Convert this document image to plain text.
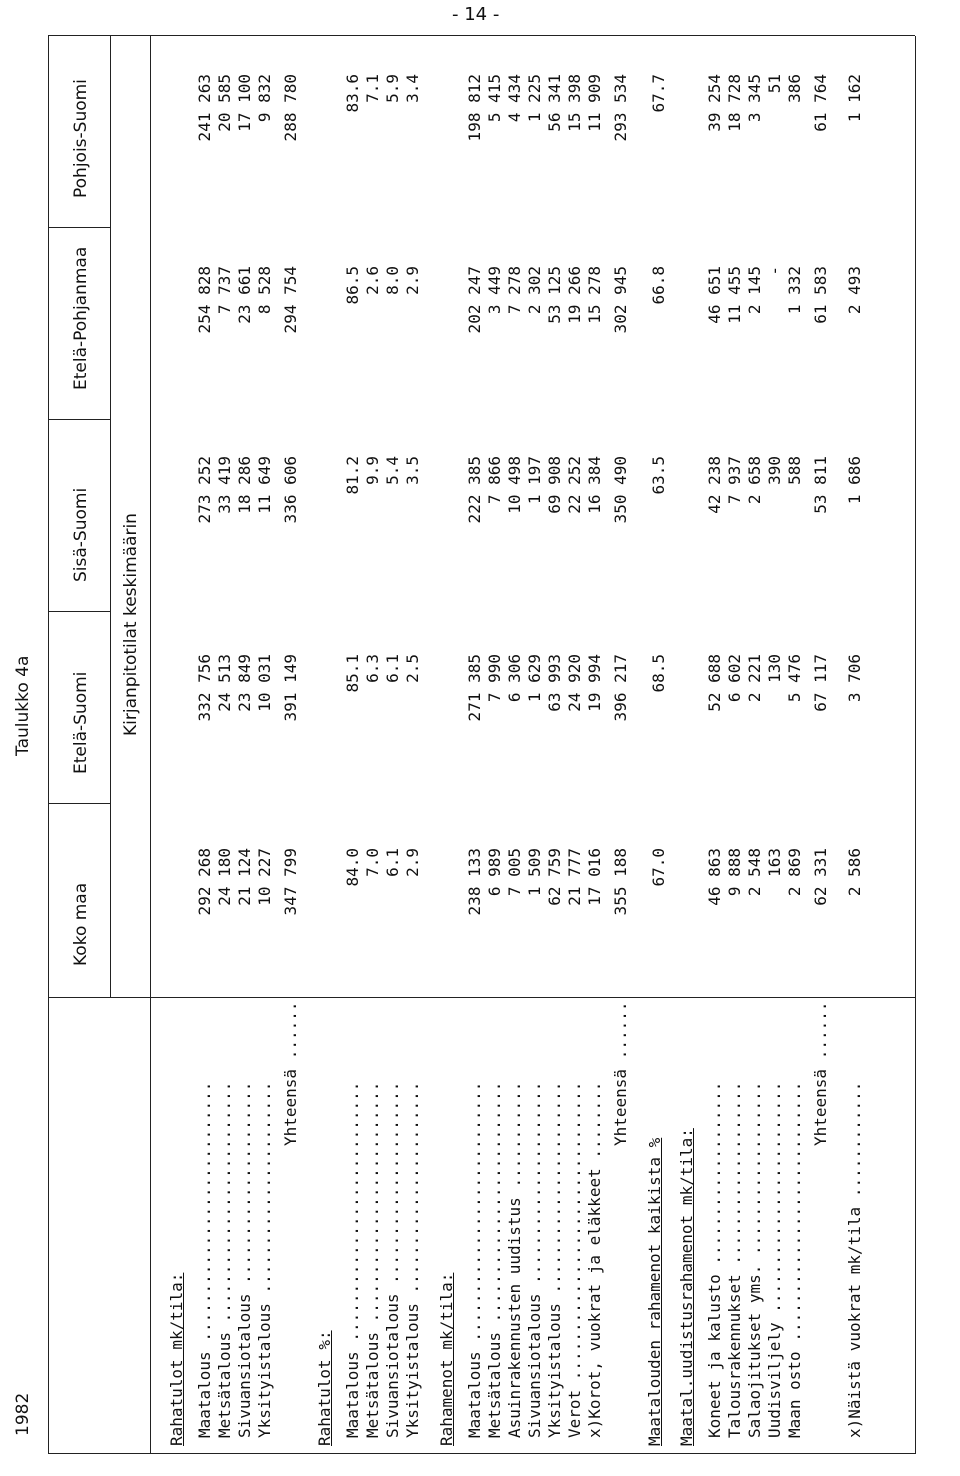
- 14 -
1982
Taulukko 4a
Koko maa
Etelä-Suomi
Sisä-Suomi
Etelä-Pohjanmaa
Pohjois-Suomi
Kirjanpitotilat keskimäärin
Rahatulot mk/tila: Maatalous ...........................
292 268
332 756
273 252
254 828
241 263
Metsätalous .........................
24 180
24 513
33 419
7 737
20 585
Sivuansiotalous .....................
21 124
23 849
18 286
23 661
17 100
Yksityistalous ......................
10 227
10 031
11 649
8 528
9 832
Yhteensä ......
347 799
391 149
336 606
294 754
288 780
Rahatulot %: Maatalous ...........................
84.0
85.1
81.2
86.5
83.6
Metsätalous .........................
7.0
6.3
9.9
2.6
7.1
Sivuansiotalous .....................
6.1
6.1
5.4
8.0
5.9
Yksityistalous ......................
2.9
2.5
3.5
2.9
3.4
Rahamenot mk/tila: Maatalous ...........................
238 133
271 385
222 385
202 247
198 812
Metsätalous .........................
6 989
7 990
7 866
3 449
5 415
Asuinrakennusten uudistus ...........
7 005
6 306
10 498
7 278
4 434
Sivuansiotalous .....................
1 509
1 629
1 197
2 302
1 225
Yksityistalous ......................
62 759
63 993
69 908
53 125
56 341
Verot ...............................
21 777
24 920
22 252
19 266
15 398
x)Korot, vuokrat ja eläkkeet ........
17 016
19 994
16 384
15 278
11 909
Yhteensä ......
355 188
396 217
350 490
302 945
293 534
Maatalouden rahamenot kaikista %
67.0
68.5
63.5
66.8
67.7
Maatal.uudistusrahamenot mk/tila: Koneet ja kalusto ...................
46 863
52 688
42 238
46 651
39 254
Talousrakennukset ...................
9 888
6 602
7 937
11 455
18 728
Salaojitukset yms. ..................
2 548
2 221
2 658
2 145
3 345
Uudisviljely ........................
163
130
390
-
51
Maan osto ...........................
2 869
5 476
588
1 332
386
Yhteensä ......
62 331
67 117
53 811
61 583
61 764
x)Näistä vuokrat mk/tila ............
2 586
3 706
1 686
2 493
1 162
